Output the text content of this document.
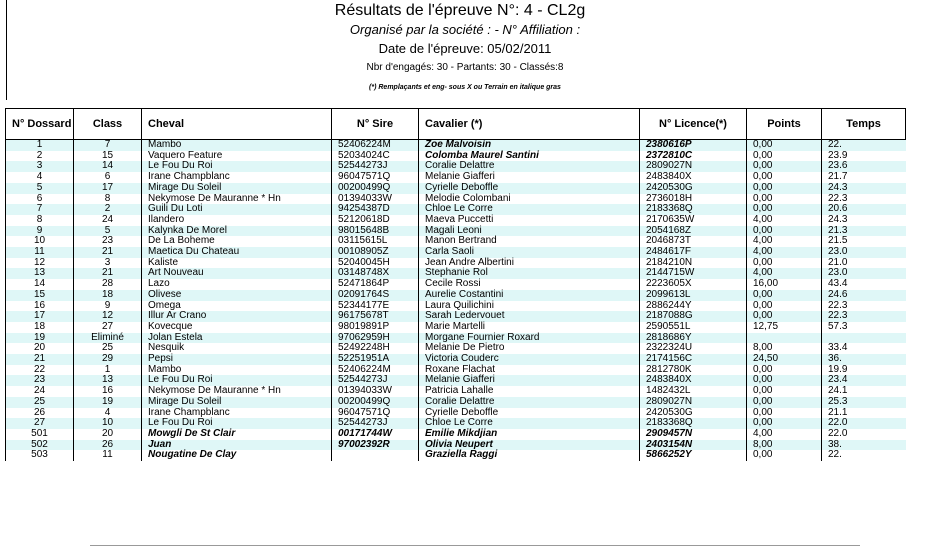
Résultats de l'épreuve N°: 4 - CL2g
Organisé par la société : - N° Affiliation :
Date de l'épreuve: 05/02/2011
Nbr d'engagés: 30 - Partants: 30 - Classés:8
(*) Remplaçants et eng- sous X ou Terrain en italique gras
N° Dossard	Class	Cheval	N° Sire	Cavalier (*)	N° Licence(*)	Points	Temps
1	7	Mambo	52406224M	Zoe Malvoisin	2380616P	0,00	22.
2	15	Vaquero Feature	52034024C	Colomba Maurel Santini	2372810C	0,00	23.9
3	14	Le Fou Du Roi	52544273J	Coralie Delattre	2809027N	0,00	23.6
4	6	Irane Champblanc	96047571Q	Melanie Giafferi	2483840X	0,00	21.7
5	17	Mirage Du Soleil	00200499Q	Cyrielle Deboffle	2420530G	0,00	24.3
6	8	Nekymose De Mauranne * Hn	01394033W	Melodie Colombani	2736018H	0,00	22.3
7	2	Guili Du Loti	94254387D	Chloe Le Corre	2183368Q	0,00	20.6
8	24	Ilandero	52120618D	Maeva Puccetti	2170635W	4,00	24.3
9	5	Kalynka De Morel	98015648B	Magali Leoni	2054168Z	0,00	21.3
10	23	De La Boheme	03115615L	Manon Bertrand	2046873T	4,00	21.5
11	21	Maetica Du Chateau	00108905Z	Carla Saoli	2484617F	4,00	23.0
12	3	Kaliste	52040045H	Jean Andre Albertini	2184210N	0,00	21.0
13	21	Art Nouveau	03148748X	Stephanie Rol	2144715W	4,00	23.0
14	28	Lazo	52471864P	Cecile Rossi	2223605X	16,00	43.4
15	18	Olivese	02091764S	Aurelie Costantini	2099613L	0,00	24.6
16	9	Omega	52344177E	Laura Quilichini	2886244Y	0,00	22.3
17	12	Illur Ar Crano	96175678T	Sarah Ledervouet	2187088G	0,00	22.3
18	27	Kovecque	98019891P	Marie Martelli	2590551L	12,75	57.3
19	Eliminé	Jolan Estela	97062959H	Morgane Fournier Roxard	2818686Y		
20	25	Nesquik	52492248H	Melanie De Pietro	2322324U	8,00	33.4
21	29	Pepsi	52251951A	Victoria Couderc	2174156C	24,50	36.
22	1	Mambo	52406224M	Roxane Flachat	2812780K	0,00	19.9
23	13	Le Fou Du Roi	52544273J	Melanie Giafferi	2483840X	0,00	23.4
24	16	Nekymose De Mauranne * Hn	01394033W	Patricia Lahalle	1482432L	0,00	24.1
25	19	Mirage Du Soleil	00200499Q	Coralie Delattre	2809027N	0,00	25.3
26	4	Irane Champblanc	96047571Q	Cyrielle Deboffle	2420530G	0,00	21.1
27	10	Le Fou Du Roi	52544273J	Chloe Le Corre	2183368Q	0,00	22.0
501	20	Mowgli De St Clair	00171744W	Emilie Mikdjian	2909457N	4,00	22.0
502	26	Juan	97002392R	Olivia Neupert	2403154N	8,00	38.
503	11	Nougatine De Clay		Graziella Raggi	5866252Y	0,00	22.
